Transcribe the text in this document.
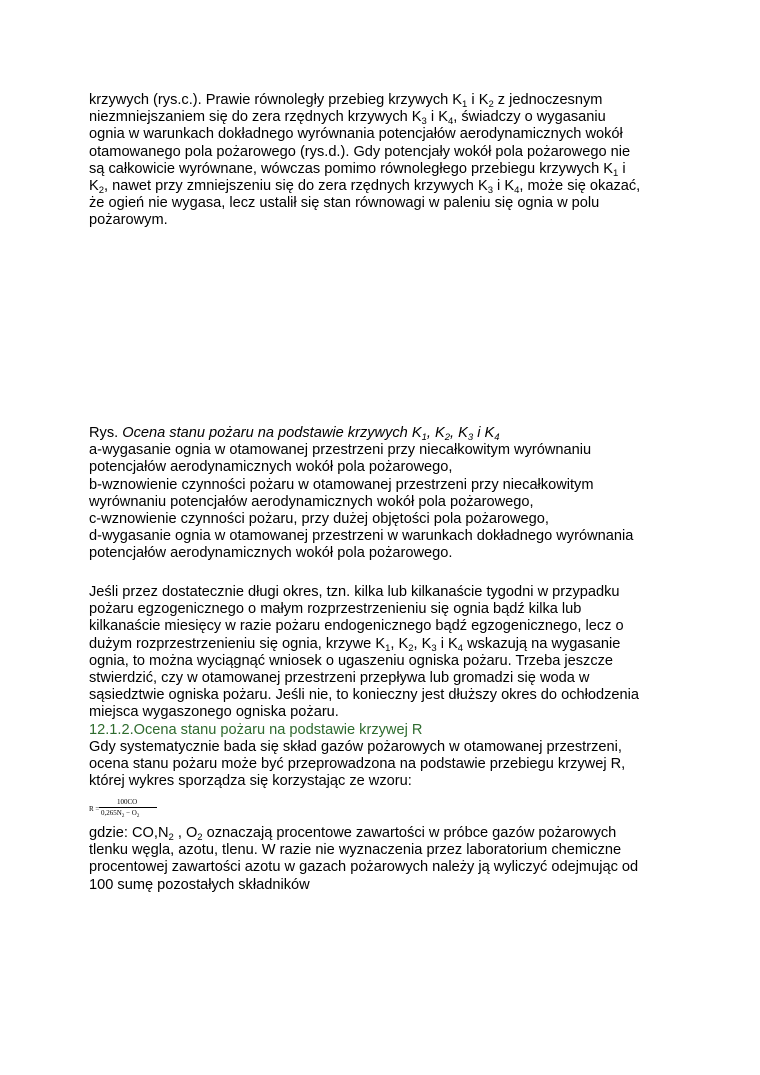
krzywych (rys.c.). Prawie równoległy przebieg krzywych $K_1$ i $K_2$ z jednoczesnym

niezmniejszaniem się do zera rzędnych krzywych $K_3$ i $K_4$, świadczy o wygasaniu

ognia w warunkach dokładnego wyrównania potencjałów aerodynamicznych wokół

otamowanego pola pożarowego (rys.d.). Gdy potencjały wokół pola pożarowego nie

są całkowicie wyrównane, wówczas pomimo równoległego przebiegu krzywych $K_1$ i

$K_2$, nawet przy zmniejszeniu się do zera rzędnych krzywych $K_3$ i $K_4$, może się okazać,

że ogień nie wygasa, lecz ustalił się stan równowagi w paleniu się ognia w polu

pożarowym.

Rys. Ocena stanu pożaru na podstawie krzywych $K_1$, $K_2$, $K_3$ i $K_4$

a-wygasanie ognia w otamowanej przestrzeni przy niecałkowitym wyrównaniu

potencjałów aerodynamicznych wokół pola pożarowego,

b-wznowienie czynności pożaru w otamowanej przestrzeni przy niecałkowitym

wyrównaniu potencjałów aerodynamicznych wokół pola pożarowego,

c-wznowienie czynności pożaru, przy dużej objętości pola pożarowego,

d-wygasanie ognia w otamowanej przestrzeni w warunkach dokładnego wyrównania

potencjałów aerodynamicznych wokół pola pożarowego.

Jeśli przez dostatecznie długi okres, tzn. kilka lub kilkanaście tygodni w przypadku

pożaru egzogenicznego o małym rozprzestrzenieniu się ognia bądź kilka lub

kilkanaście miesięcy w razie pożaru endogenicznego bądź egzogenicznego, lecz o

dużym rozprzestrzenieniu się ognia, krzywe $K_1$, $K_2$, $K_3$ i $K_4$ wskazują na wygasanie

ognia, to można wyciągnąć wniosek o ugaszeniu ogniska pożaru. Trzeba jeszcze

stwierdzić, czy w otamowanej przestrzeni przepływa lub gromadzi się woda w

sąsiedztwie ogniska pożaru. Jeśli nie, to konieczny jest dłuższy okres do ochłodzenia

miejsca wygaszonego ogniska pożaru.

12.1.2.Ocena stanu pożaru na podstawie krzywej R

Gdy systematycznie bada się skład gazów pożarowych w otamowanej przestrzeni,

ocena stanu pożaru może być przeprowadzona na podstawie przebiegu krzywej R,

której wykres sporządza się korzystając ze wzoru:

R =
100CO
$0,265N_2 - O_2$

gdzie: $CO,N_2$ , $O_2$ oznaczają procentowe zawartości w próbce gazów pożarowych

tlenku węgla, azotu, tlenu. W razie nie wyznaczenia przez laboratorium chemiczne

procentowej zawartości azotu w gazach pożarowych należy ją wyliczyć odejmując od

100 sumę pozostałych składników
